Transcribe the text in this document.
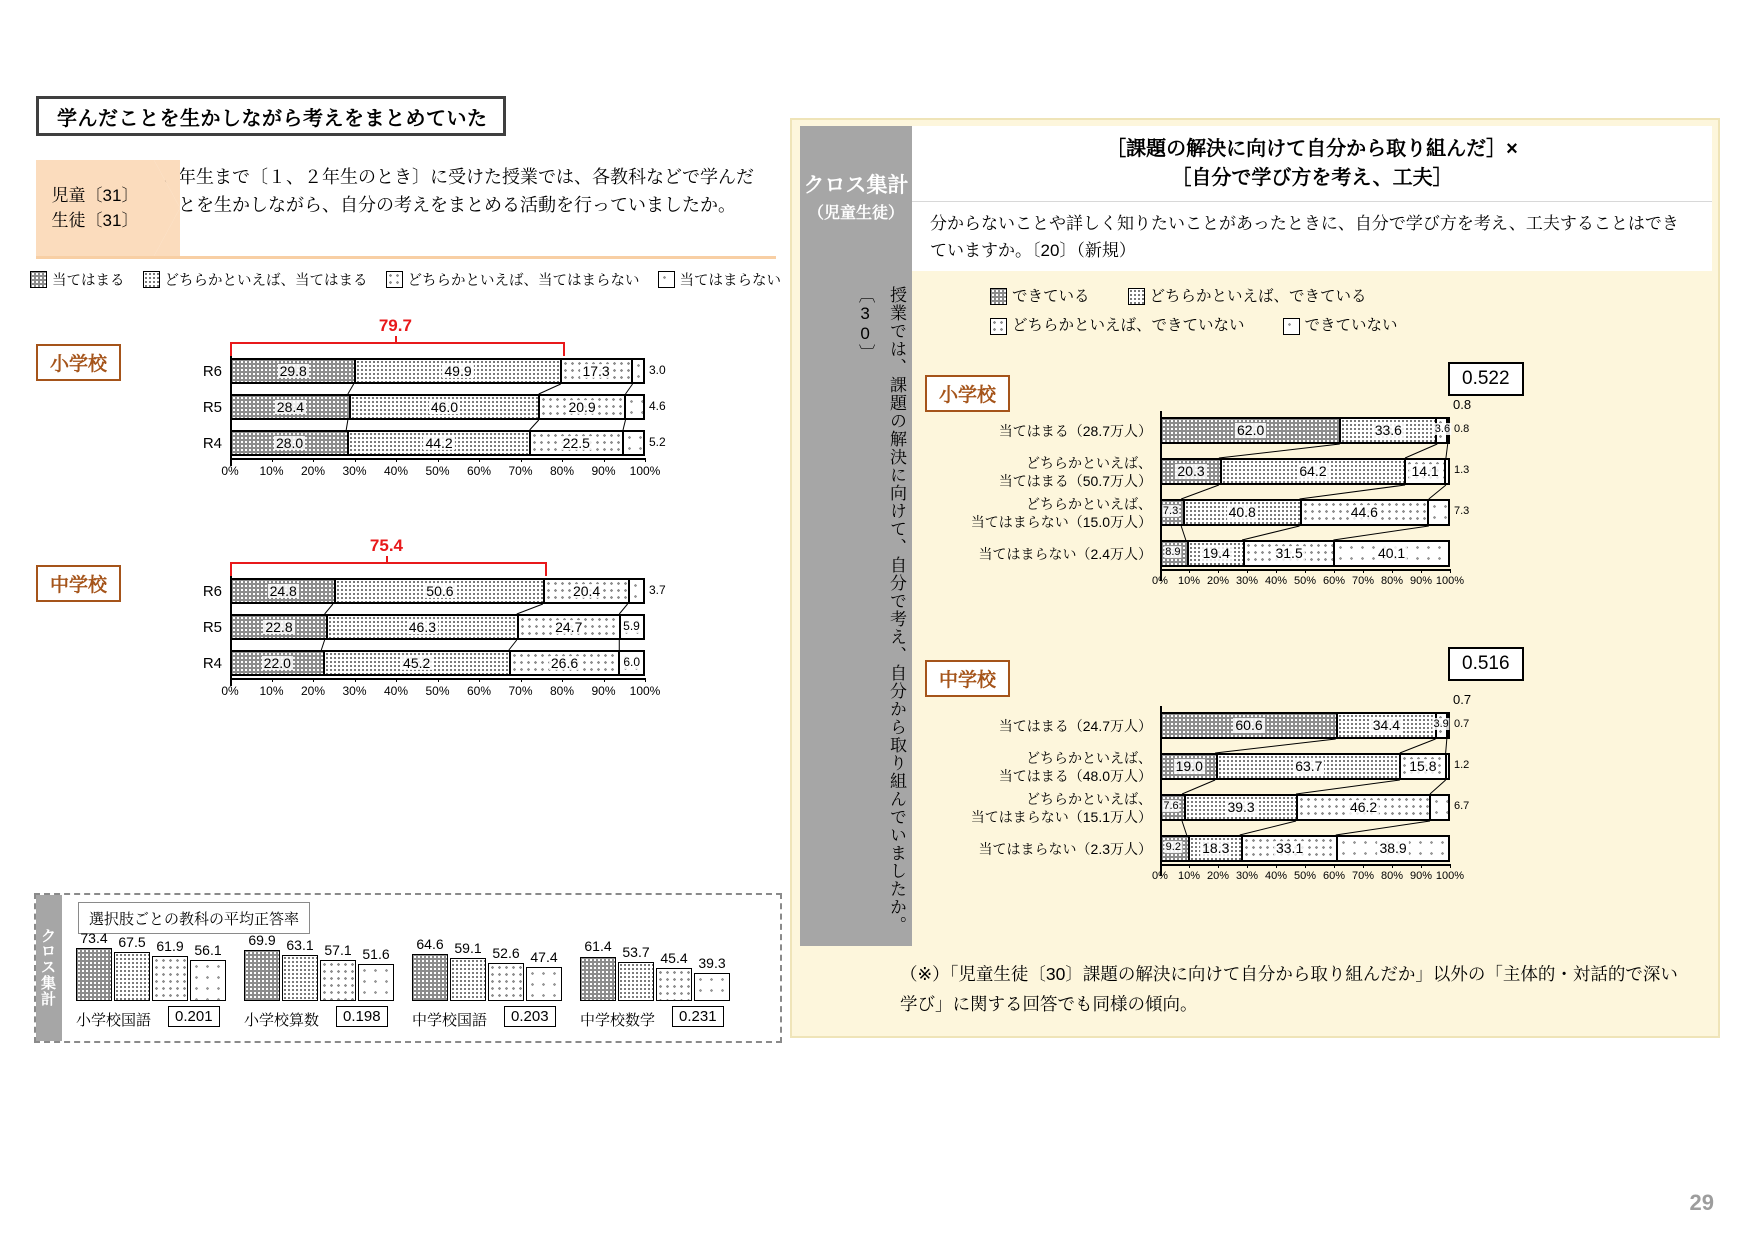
学んだことを生かしながら考えをまとめていた
児童〔31〕
生徒〔31〕
５年生まで〔１、２年生のとき〕に受けた授業では、各教科などで学んだことを生かしながら、自分の考えをまとめる活動を行っていましたか。
当てはまる	どちらかといえば、当てはまる	どちらかといえば、当てはまらない	当てはまらない
小学校
中学校
29.8	49.9	17.3
R6	3.0
28.4	46.0	20.9
R5	4.6
28.0	44.2	22.5
R4	5.2
0% 10% 20% 30% 40% 50% 60% 70% 80% 90% 100%
79.7
24.8	50.6	20.4
R6	3.7
22.8	46.3	24.7
R5	5.9
22.0	45.2	26.6
R4	6.0
0% 10% 20% 30% 40% 50% 60% 70% 80% 90% 100%
75.4
ク
ロ
ス
集
計
選択肢ごとの教科の平均正答率
73.4 67.5 61.9 56.1
小学校国語	0.201
69.9 63.1 57.1 51.6
小学校算数	0.198
64.6 59.1 52.6 47.4
中学校国語	0.203
61.4 53.7 45.4 39.3
中学校数学	0.231
クロス集計
（児童生徒）
授業では、課題の解決に向けて、自分で考え、自分から取り組んでいましたか。〔30〕
［課題の解決に向けて自分から取り組んだ］×
［自分で学び方を考え、工夫］
分からないことや詳しく知りたいことがあったときに、自分で学び方を考え、工夫することはできていますか。〔20〕（新規）
できている	どちらかといえば、できている
どちらかといえば、できていない	できていない
小学校
0.522
中学校
0.516
62.0	33.6
当てはまる（28.7万人）	3.6 0.8
20.3	64.2	14.1
どちらかといえば、
当てはまる（50.7万人）
1.3
40.8	44.6
どちらかといえば、
当てはまらない（15.0万人）
7.3	7.3
19.4	31.5	40.1
当てはまらない（2.4万人） 8.9
0% 10% 20% 30% 40% 50% 60% 70% 80% 90% 100%
0.8
60.6	34.4
当てはまる（24.7万人）	3.9 0.7
19.0	63.7	15.8
どちらかといえば、
当てはまる（48.0万人）
1.2
39.3	46.2
どちらかといえば、
当てはまらない（15.1万人）
7.6	6.7
18.3	33.1	38.9
当てはまらない（2.3万人） 9.2
0% 10% 20% 30% 40% 50% 60% 70% 80% 90% 100%
0.7
（※）「児童生徒〔30〕課題の解決に向けて自分から取り組んだか」以外の「主体的・対話的で深い学び」に関する回答でも同様の傾向。
29
